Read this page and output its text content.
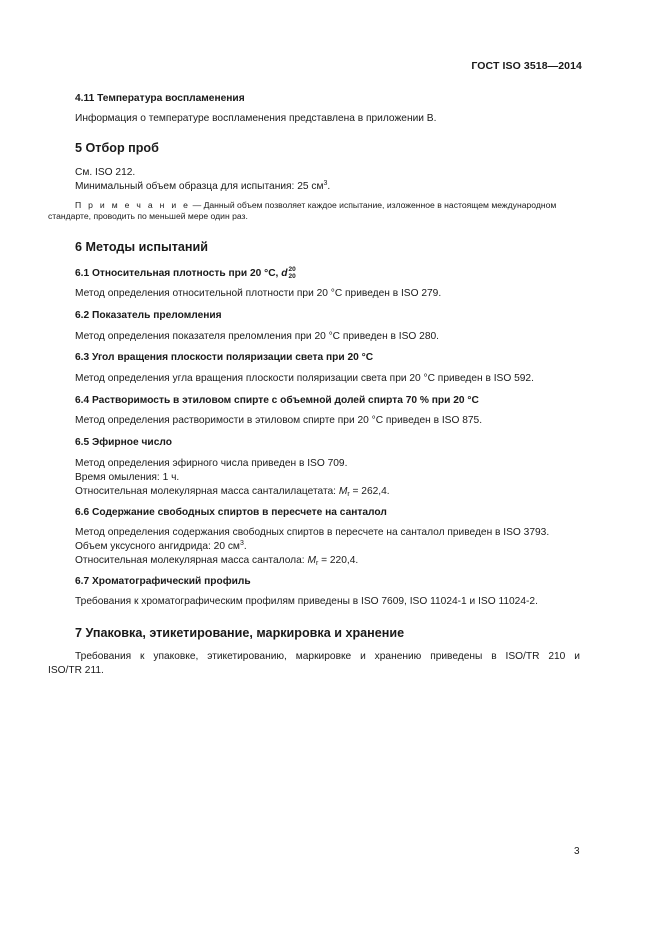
ГОСТ ISO 3518—2014
4.11 Температура воспламенения
Информация о температуре воспламенения представлена в приложении В.
5 Отбор проб
См. ISO 212.
Минимальный объем образца для испытания: 25 $см^3$.
П р и м е ч а н и е — Данный объем позволяет каждое испытание, изложенное в настоящем международном
стандарте, проводить по меньшей мере один раз.
6 Методы испытаний
6.1 Относительная плотность при 20 °С, d 20
20
Метод определения относительной плотности при 20 °С приведен в ISO 279.
6.2 Показатель преломления
Метод определения показателя преломления при 20 °С приведен в ISO 280.
6.3 Угол вращения плоскости поляризации света при 20 °С
Метод определения угла вращения плоскости поляризации света при 20 °С приведен в ISO 592.
6.4 Растворимость в этиловом спирте с объемной долей спирта 70 % при 20 °С
Метод определения растворимости в этиловом спирте при 20 °С приведен в ISO 875.
6.5 Эфирное число
Метод определения эфирного числа приведен в ISO 709.
Время омыления: 1 ч.
Относительная молекулярная масса санталилацетата: $M_r = 262,4$.
6.6 Содержание свободных спиртов в пересчете на санталол
Метод определения содержания свободных спиртов в пересчете на санталол приведен в ISO 3793.
Объем уксусного ангидрида: 20 $см^3$.
Относительная молекулярная масса санталола: $M_r = 220,4$.
6.7 Хроматографический профиль
Требования к хроматографическим профилям приведены в ISO 7609, ISO 11024-1 и ISO 11024-2.
7 Упаковка, этикетирование, маркировка и хранение
Требования к упаковке, этикетированию, маркировке и хранению приведены в ISO/TR 210 и
ISO/TR 211.
3
